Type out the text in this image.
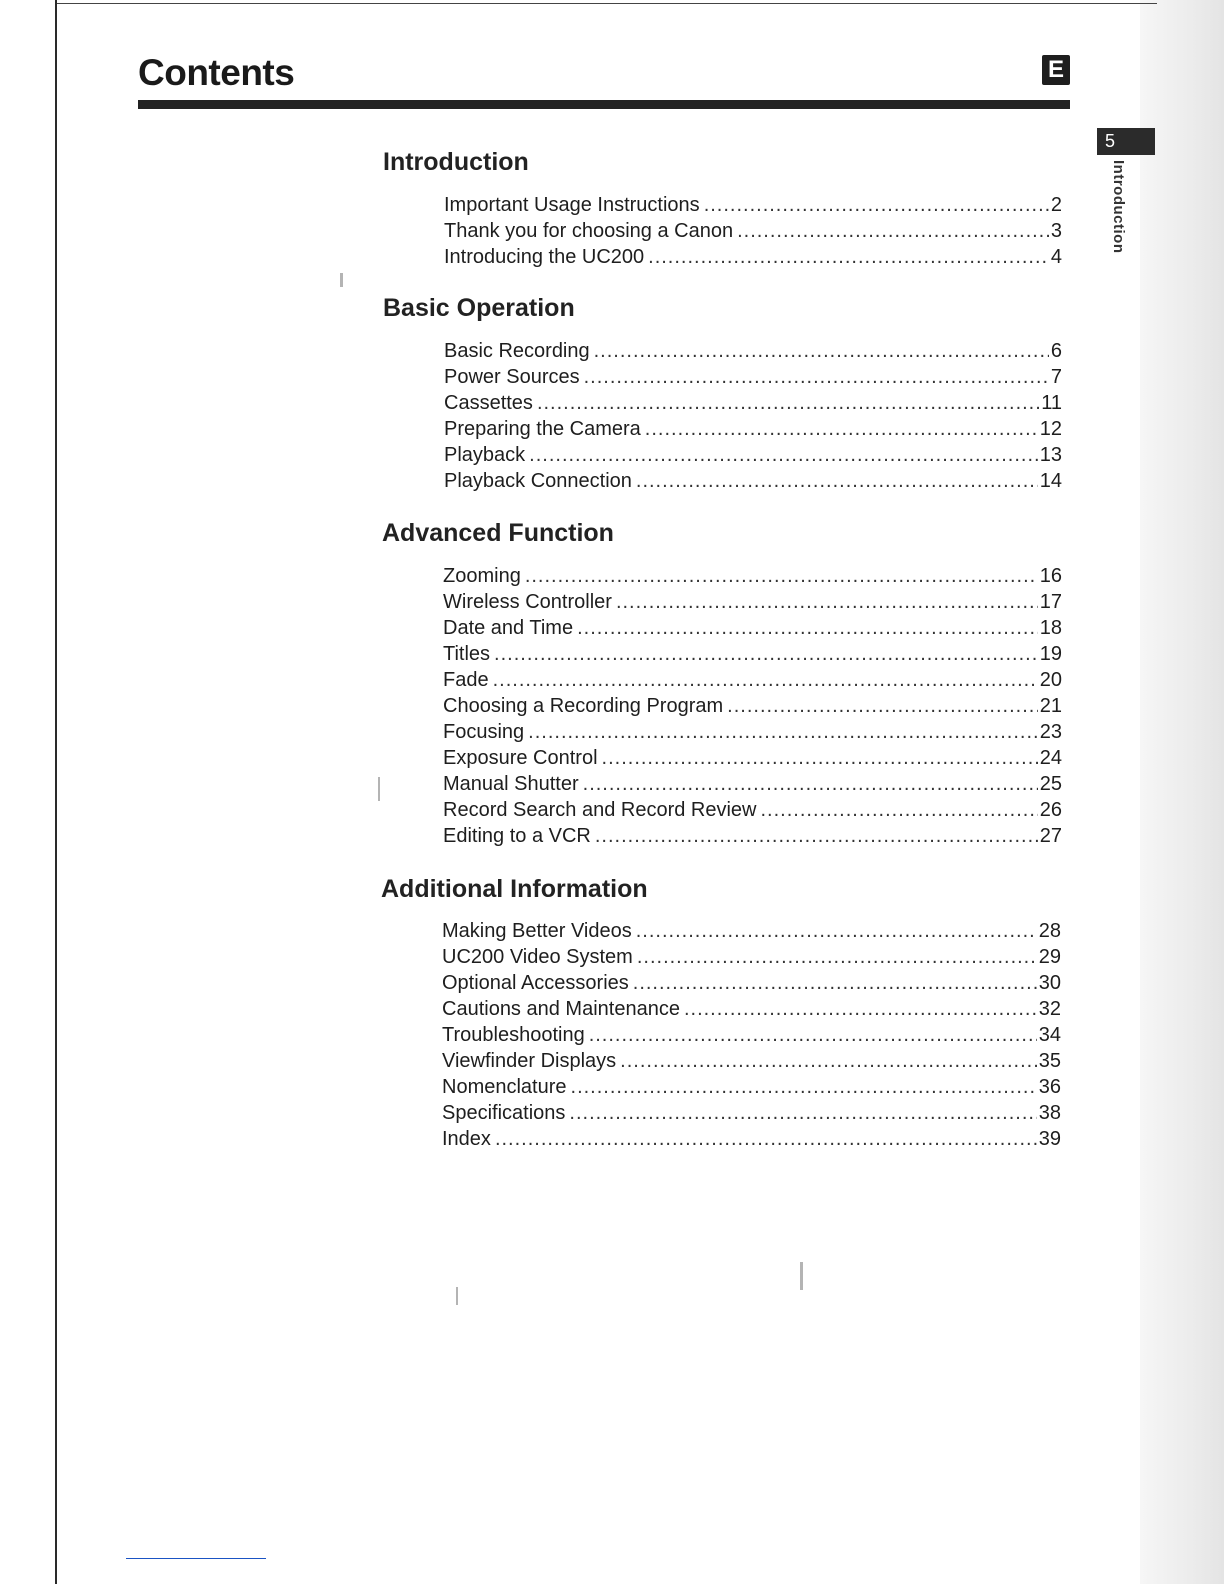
Contents	E
5
Introduction
Introduction
Important Usage Instructions .....	2
Thank you for choosing a Canon .....	3
Introducing the UC200 .....	4
Basic Operation
Basic Recording .....	6
Power Sources .....	7
Cassettes .....	11
Preparing the Camera .....	12
Playback .....	13
Playback Connection .....	14
Advanced Function
Zooming .....	16
Wireless Controller .....	17
Date and Time .....	18
Titles .....	19
Fade .....	20
Choosing a Recording Program .....	21
Focusing .....	23
Exposure Control .....	24
Manual Shutter .....	25
Record Search and Record Review .....	26
Editing to a VCR .....	27
Additional Information
Making Better Videos .....	28
UC200 Video System .....	29
Optional Accessories .....	30
Cautions and Maintenance .....	32
Troubleshooting .....	34
Viewfinder Displays .....	35
Nomenclature .....	36
Specifications .....	38
Index .....	39
